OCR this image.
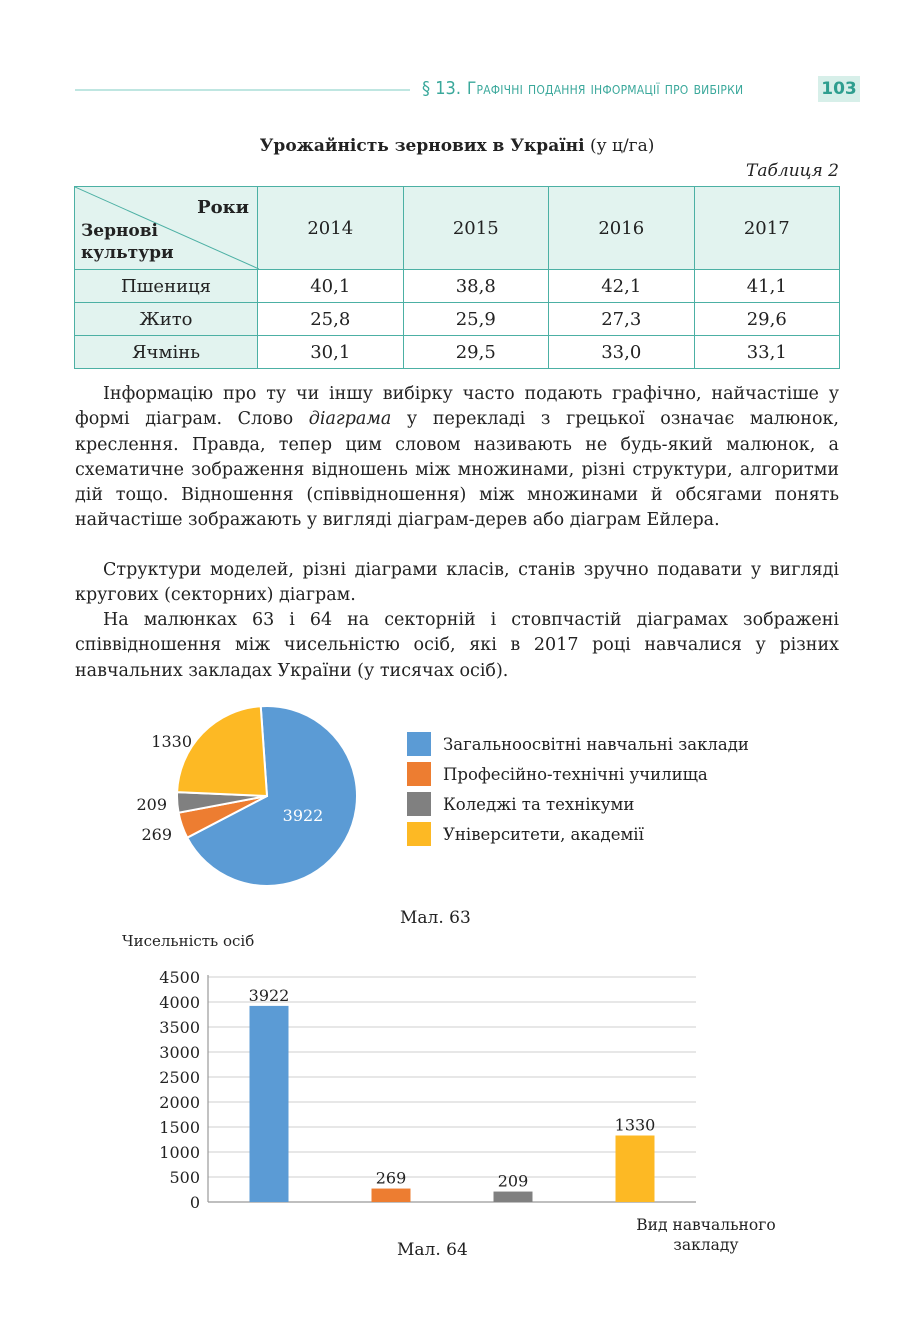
§ 13. Графічні подання інформації про вибірки	103
Урожайність зернових в Україні (у ц/га)
Таблиця 2
Роки
Зернові
культури	2014	2015	2016	2017
Пшениця	40,1	38,8	42,1	41,1
Жито	25,8	25,9	27,3	29,6
Ячмінь	30,1	29,5	33,0	33,1

Інформацію про ту чи іншу вибірку часто подають графічно, найчастіше у формі діаграм. Слово діаграма у перекладі з грецької означає малюнок, креслення. Правда, тепер цим словом називають не будь-який малюнок, а схематичне зображення відношень між множинами, різні структури, алгоритми дій тощо. Відношення (співвідношення) між множинами й обсягами понять найчастіше зображають у вигляді діаграм-дерев або діаграм Ейлера.

Структури моделей, різні діаграми класів, станів зручно подавати у вигляді кругових (секторних) діаграм.

На малюнках 63 і 64 на секторній і стовпчастій діаграмах зображені співвідношення між чисельністю осіб, які в 2017 році навчалися у різних навчальних закладах України (у тисячах осіб).

3922
269
209
1330	Загальноосвітні навчальні заклади
Професійно-технічні училища
Коледжі та технікуми
Університети, академії
Мал. 63
Чисельність осіб
0
500
1000
1500
2000
2500
3000
3500
4000
4500
3922
269	209
1330
Вид навчального закладу
Мал. 64
